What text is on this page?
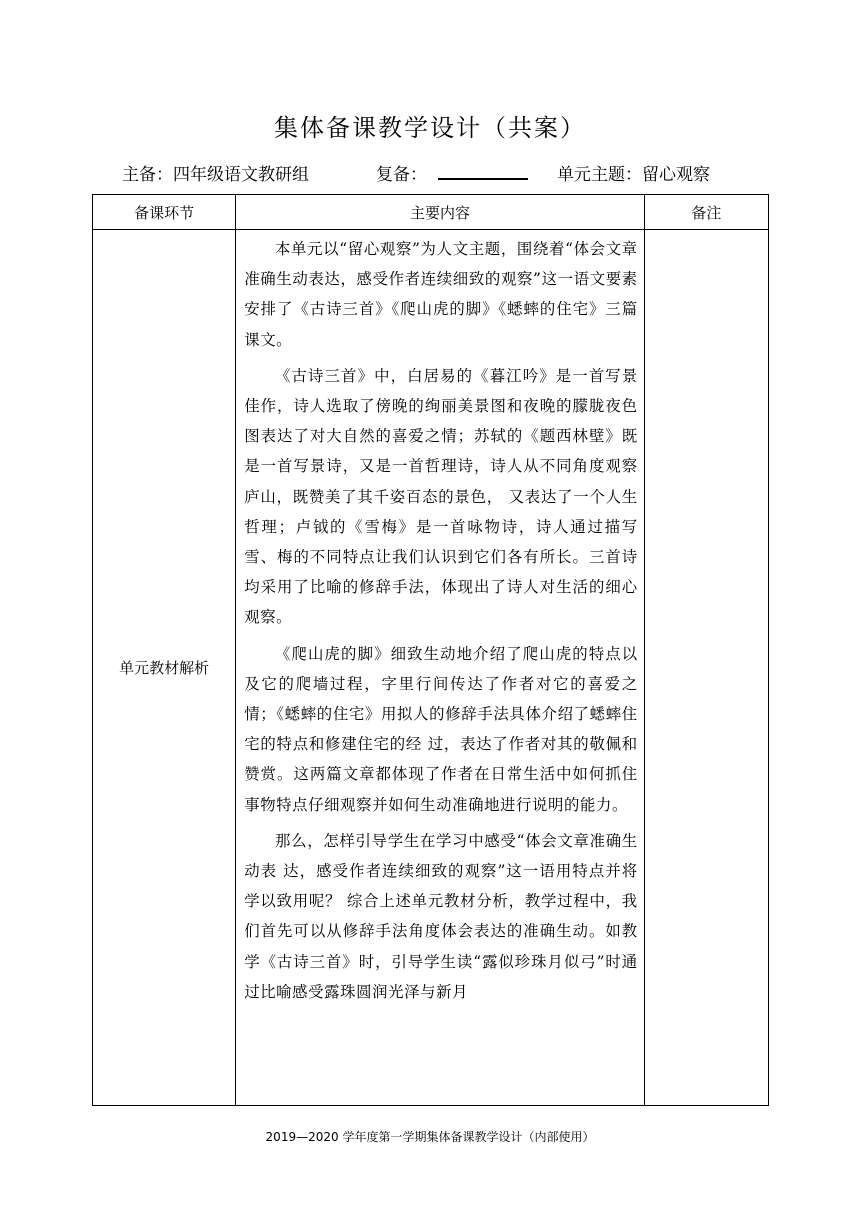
集体备课教学设计（共案）
主备：四年级语文教研组	复备：	单元主题：留心观察
备课环节	主要内容	备注
单元教材解析	本单元以“留心观察”为人文主题，围绕着“体会文章准确生动表达，感受作者连续细致的观察”这一语文要素安排了《古诗三首》《爬山虎的脚》《蟋蟀的住宅》三篇课文。

《古诗三首》中，白居易的《暮江吟》是一首写景佳作，诗人选取了傍晚的绚丽美景图和夜晚的朦胧夜色图表达了对大自然的喜爱之情；苏轼的《题西林壁》既是一首写景诗，又是一首哲理诗，诗人从不同角度观察庐山，既赞美了其千姿百态的景色， 又表达了一个人生哲理；卢钺的《雪梅》是一首咏物诗，诗人通过描写雪、梅的不同特点让我们认识到它们各有所长。三首诗均采用了比喻的修辞手法，体现出了诗人对生活的细心观察。

《爬山虎的脚》细致生动地介绍了爬山虎的特点以及它的爬墙过程，字里行间传达了作者对它的喜爱之情；《蟋蟀的住宅》用拟人的修辞手法具体介绍了蟋蟀住宅的特点和修建住宅的经 过，表达了作者对其的敬佩和赞赏。这两篇文章都体现了作者在日常生活中如何抓住事物特点仔细观察并如何生动准确地进行说明的能力。

那么，怎样引导学生在学习中感受“体会文章准确生动表 达，感受作者连续细致的观察”这一语用特点并将学以致用呢？ 综合上述单元教材分析，教学过程中，我们首先可以从修辞手法角度体会表达的准确生动。如教学《古诗三首》时，引导学生读“露似珍珠月似弓”时通过比喻感受露珠圆润光泽与新月	

2019—2020 学年度第一学期集体备课教学设计（内部使用）
